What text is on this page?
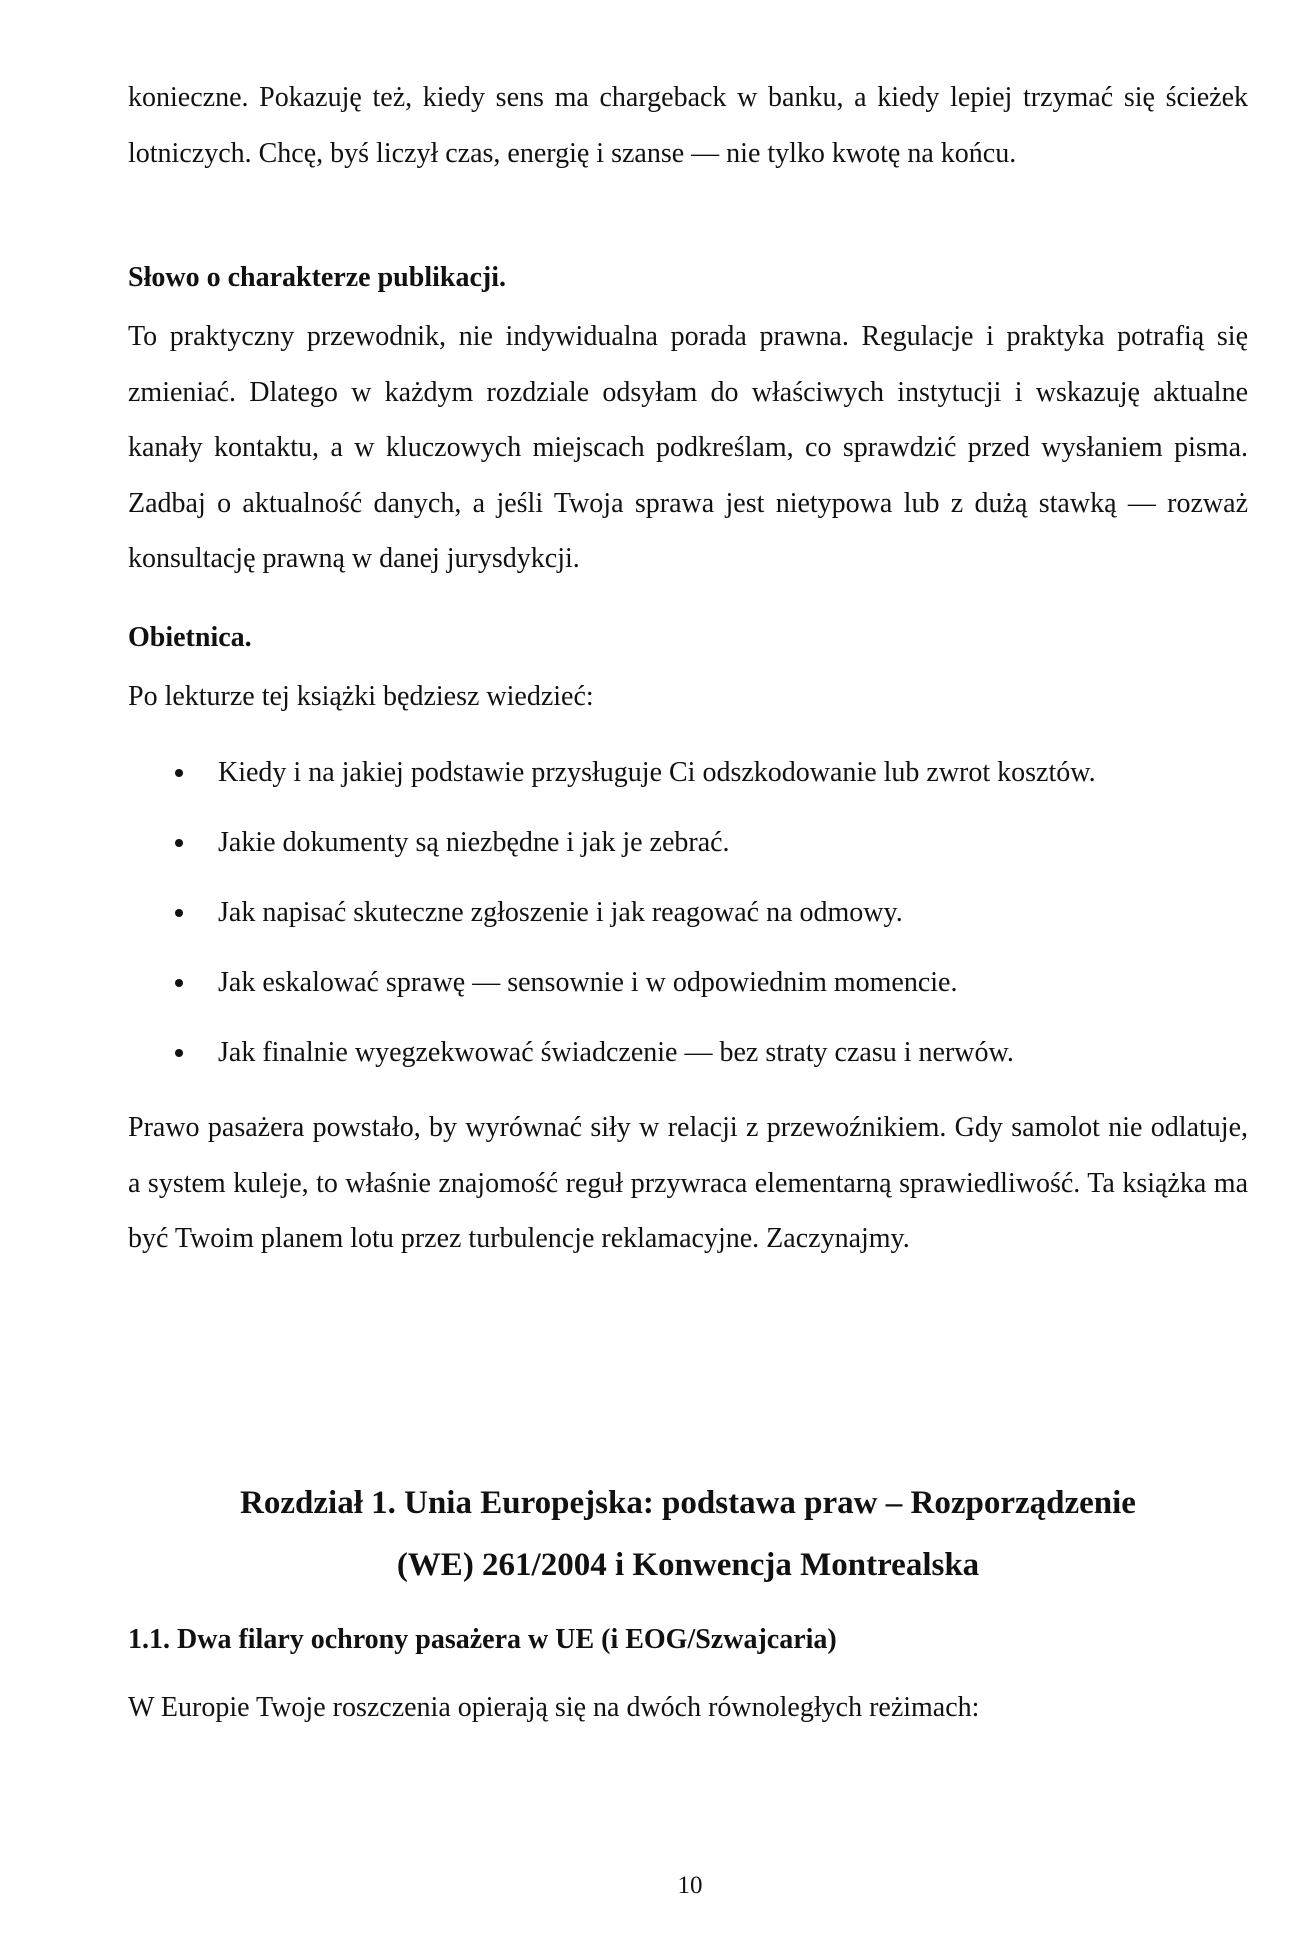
konieczne. Pokazuję też, kiedy sens ma chargeback w banku, a kiedy lepiej trzymać się ścieżek lotniczych. Chcę, byś liczył czas, energię i szanse — nie tylko kwotę na końcu.

Słowo o charakterze publikacji.

To praktyczny przewodnik, nie indywidualna porada prawna. Regulacje i praktyka potrafią się zmieniać. Dlatego w każdym rozdziale odsyłam do właściwych instytucji i wskazuję aktualne kanały kontaktu, a w kluczowych miejscach podkreślam, co sprawdzić przed wysłaniem pisma. Zadbaj o aktualność danych, a jeśli Twoja sprawa jest nietypowa lub z dużą stawką — rozważ konsultację prawną w danej jurysdykcji.

Obietnica.

Po lekturze tej książki będziesz wiedzieć:

Kiedy i na jakiej podstawie przysługuje Ci odszkodowanie lub zwrot kosztów.
Jakie dokumenty są niezbędne i jak je zebrać.
Jak napisać skuteczne zgłoszenie i jak reagować na odmowy.
Jak eskalować sprawę — sensownie i w odpowiednim momencie.
Jak finalnie wyegzekwować świadczenie — bez straty czasu i nerwów.

Prawo pasażera powstało, by wyrównać siły w relacji z przewoźnikiem. Gdy samolot nie odlatuje, a system kuleje, to właśnie znajomość reguł przywraca elementarną sprawiedliwość. Ta książka ma być Twoim planem lotu przez turbulencje reklamacyjne. Zaczynajmy.

Rozdział 1. Unia Europejska: podstawa praw – Rozporządzenie

(WE) 261/2004 i Konwencja Montrealska

1.1. Dwa filary ochrony pasażera w UE (i EOG/Szwajcaria)

W Europie Twoje roszczenia opierają się na dwóch równoległych reżimach:

10
